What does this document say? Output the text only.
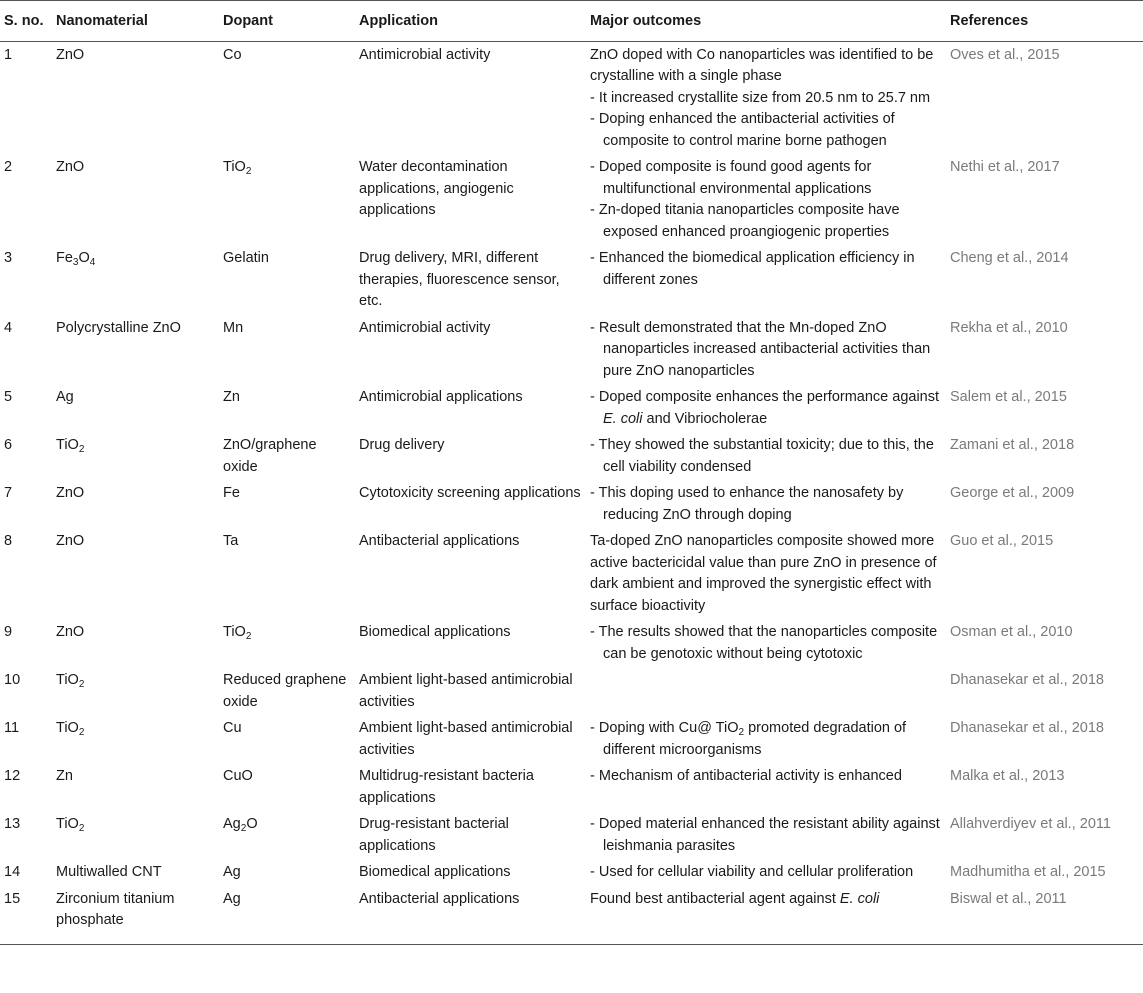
S. no.	Nanomaterial	Dopant	Application	Major outcomes	References
1	ZnO	Co	Antimicrobial activity	ZnO doped with Co nanoparticles was identified to be crystalline with a single phase
- It increased crystallite size from 20.5 nm to 25.7 nm
- Doping enhanced the antibacterial activities of composite to control marine borne pathogen	Oves et al., 2015
2	ZnO	TiO$_2$	Water decontamination applications, angiogenic applications	- Doped composite is found good agents for multifunctional environmental applications
- Zn-doped titania nanoparticles composite have exposed enhanced proangiogenic properties	Nethi et al., 2017
3	$Fe_3O_4$	Gelatin	Drug delivery, MRI, different therapies, fluorescence sensor, etc.	- Enhanced the biomedical application efficiency in different zones	Cheng et al., 2014
4	Polycrystalline ZnO	Mn	Antimicrobial activity	- Result demonstrated that the Mn-doped ZnO nanoparticles increased antibacterial activities than pure ZnO nanoparticles	Rekha et al., 2010
5	Ag	Zn	Antimicrobial applications	- Doped composite enhances the performance against E. coli and Vibriocholerae	Salem et al., 2015
6	TiO$_2$	ZnO/graphene oxide	Drug delivery	- They showed the substantial toxicity; due to this, the cell viability condensed	Zamani et al., 2018
7	ZnO	Fe	Cytotoxicity screening applications	- This doping used to enhance the nanosafety by reducing ZnO through doping	George et al., 2009
8	ZnO	Ta	Antibacterial applications	Ta-doped ZnO nanoparticles composite showed more active bactericidal value than pure ZnO in presence of dark ambient and improved the synergistic effect with surface bioactivity	Guo et al., 2015
9	ZnO	TiO$_2$	Biomedical applications	- The results showed that the nanoparticles composite can be genotoxic without being cytotoxic	Osman et al., 2010
10	TiO$_2$	Reduced graphene oxide	Ambient light-based antimicrobial activities		Dhanasekar et al., 2018
11	TiO$_2$	Cu	Ambient light-based antimicrobial activities	- Doping with Cu@ TiO$_2$ promoted degradation of different microorganisms	Dhanasekar et al., 2018
12	Zn	CuO	Multidrug-resistant bacteria applications	- Mechanism of antibacterial activity is enhanced	Malka et al., 2013
13	TiO$_2$	$Ag_2O$	Drug-resistant bacterial applications	- Doped material enhanced the resistant ability against leishmania parasites	Allahverdiyev et al., 2011
14	Multiwalled CNT	Ag	Biomedical applications	- Used for cellular viability and cellular proliferation	Madhumitha et al., 2015
15	Zirconium titanium phosphate	Ag	Antibacterial applications	Found best antibacterial agent against E. coli	Biswal et al., 2011
